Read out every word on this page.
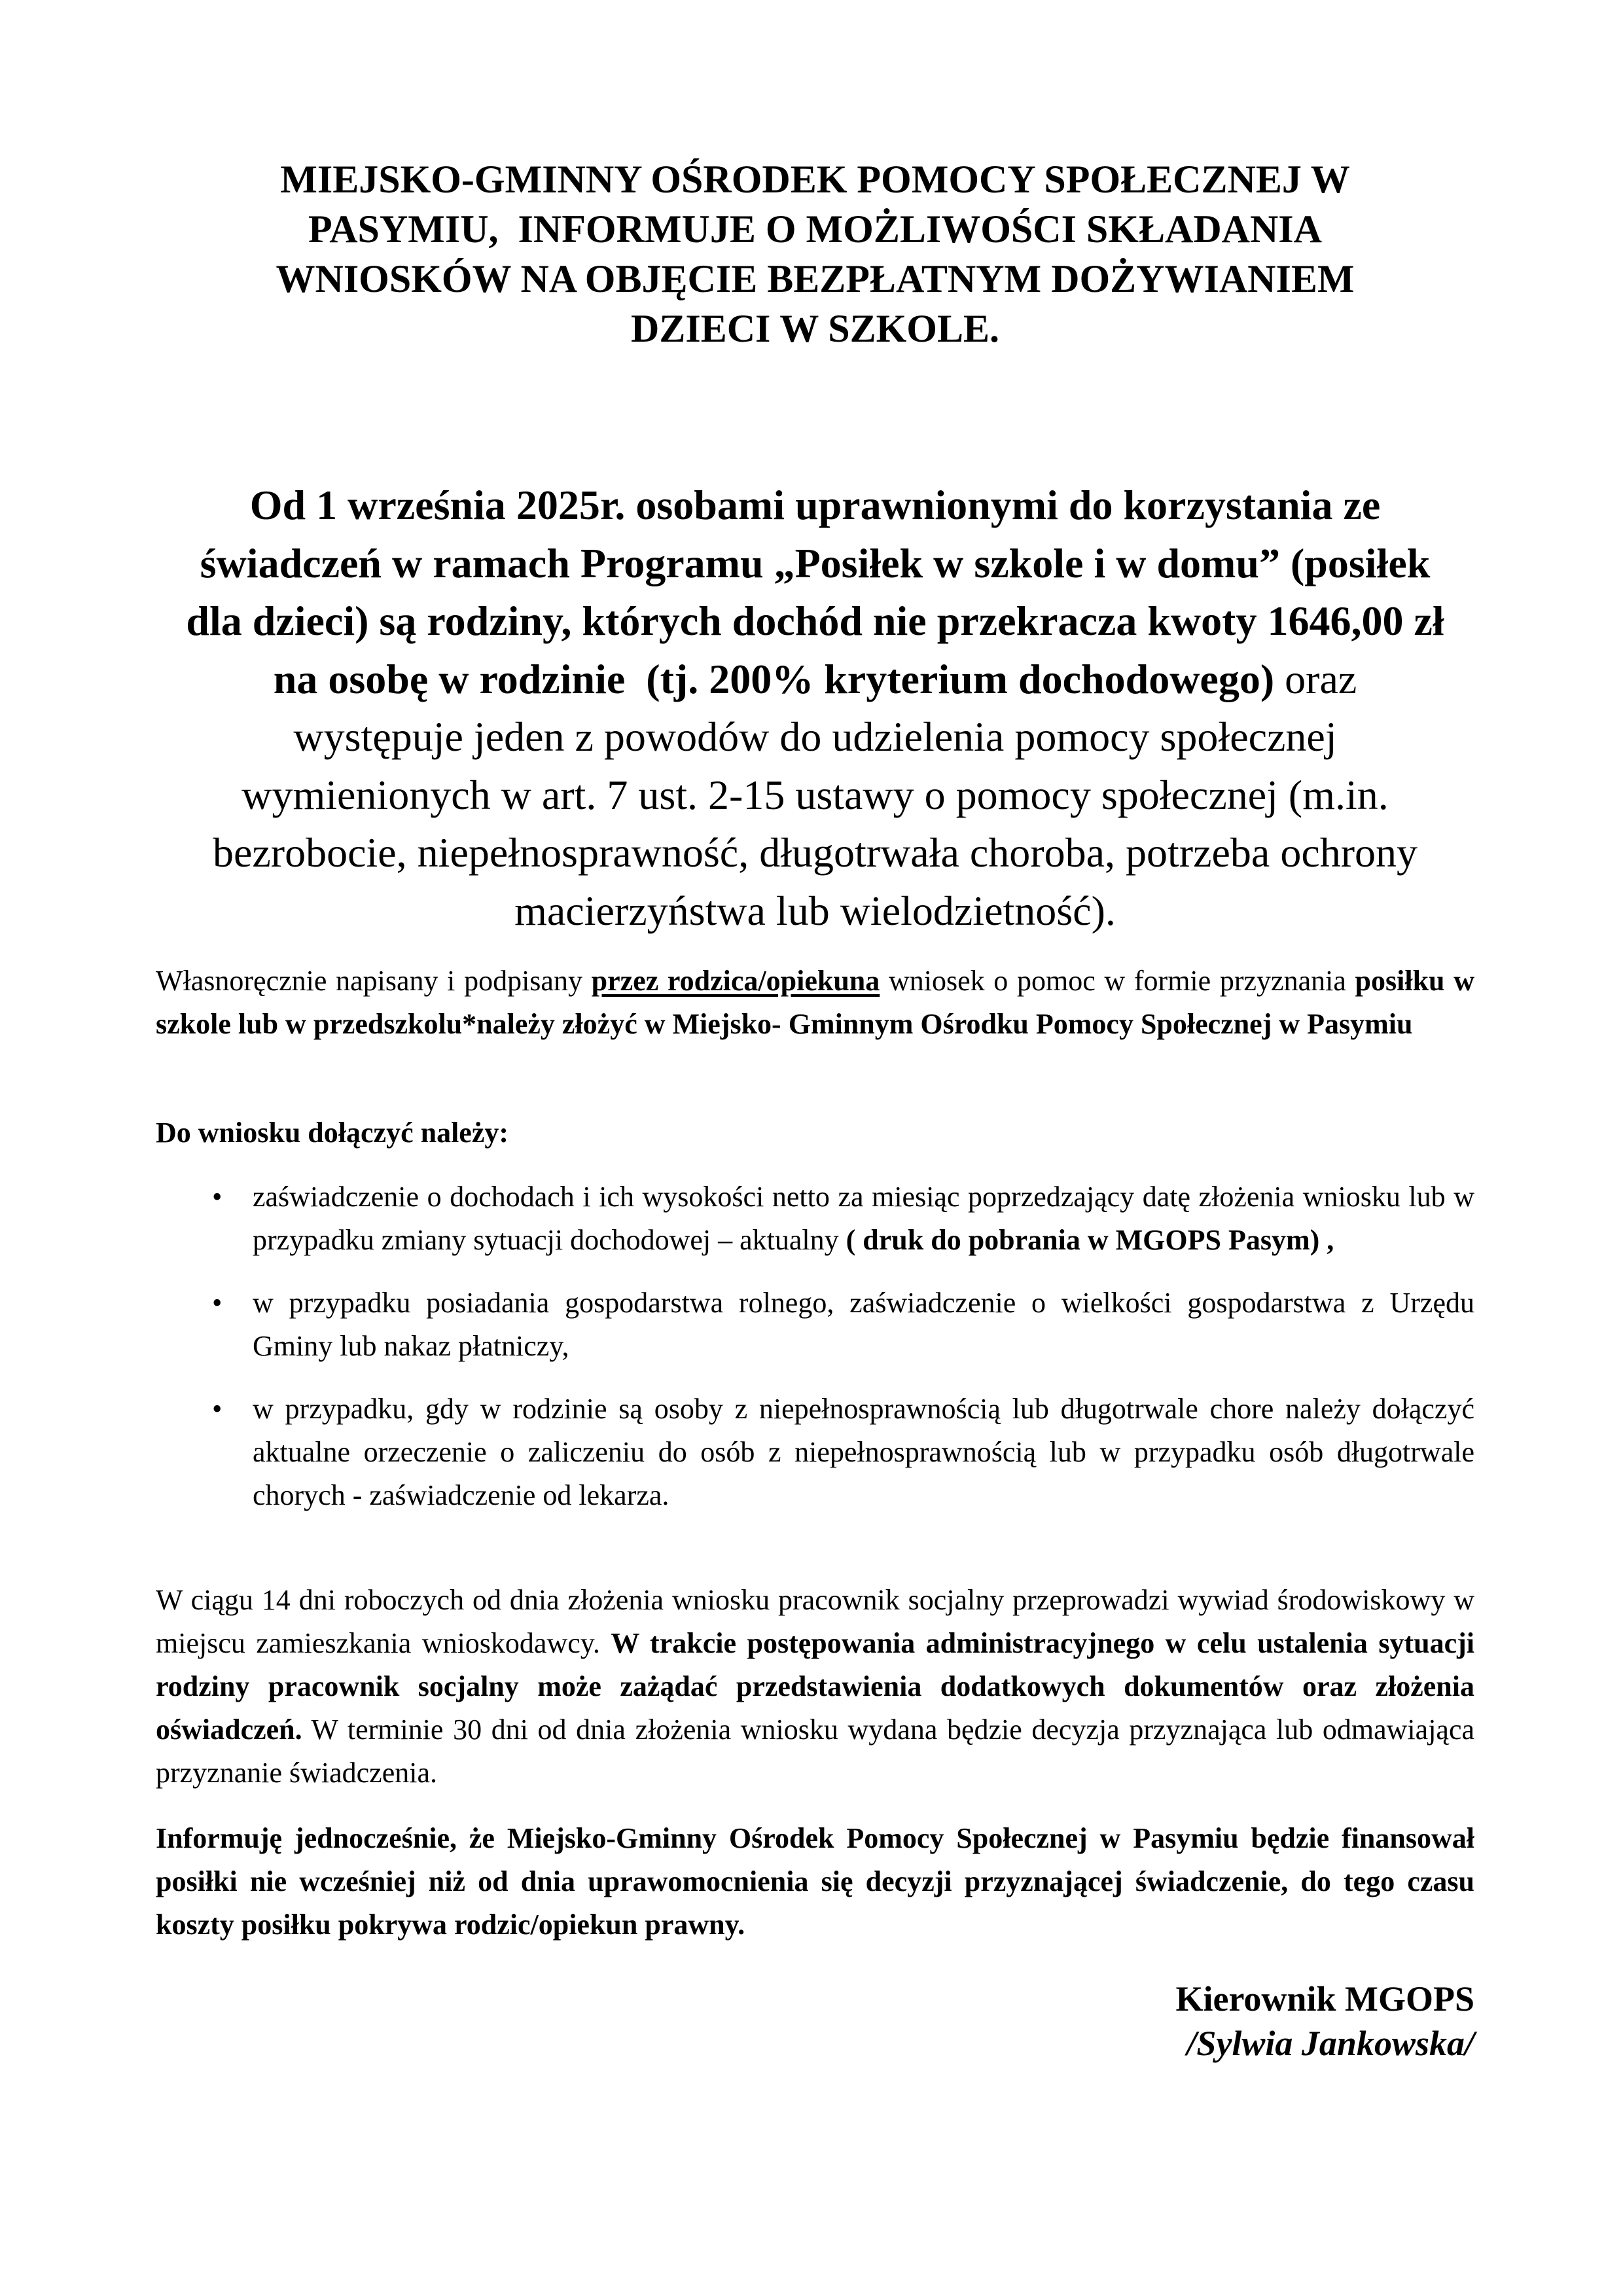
MIEJSKO-GMINNY OŚRODEK POMOCY SPOŁECZNEJ W
PASYMIU,  INFORMUJE O MOŻLIWOŚCI SKŁADANIA
WNIOSKÓW NA OBJĘCIE BEZPŁATNYM DOŻYWIANIEM
DZIECI W SZKOLE.
Od 1 września 2025r. osobami uprawnionymi do korzystania ze
świadczeń w ramach Programu „Posiłek w szkole i w domu” (posiłek
dla dzieci) są rodziny, których dochód nie przekracza kwoty 1646,00 zł
na osobę w rodzinie  (tj. 200% kryterium dochodowego) oraz
występuje jeden z powodów do udzielenia pomocy społecznej
wymienionych w art. 7 ust. 2-15 ustawy o pomocy społecznej (m.in.
bezrobocie, niepełnosprawność, długotrwała choroba, potrzeba ochrony
macierzyństwa lub wielodzietność).
Własnoręcznie napisany i podpisany przez rodzica/opiekuna wniosek o pomoc w formie przyznania posiłku w szkole lub w przedszkolu*należy złożyć w Miejsko- Gminnym Ośrodku Pomocy Społecznej w Pasymiu
Do wniosku dołączyć należy:
• zaświadczenie o dochodach i ich wysokości netto za miesiąc poprzedzający datę złożenia wniosku lub w przypadku zmiany sytuacji dochodowej – aktualny ( druk do pobrania w MGOPS Pasym) ,
• w przypadku posiadania gospodarstwa rolnego, zaświadczenie o wielkości gospodarstwa z Urzędu Gminy lub nakaz płatniczy,
• w przypadku, gdy w rodzinie są osoby z niepełnosprawnością lub długotrwale chore należy dołączyć aktualne orzeczenie o zaliczeniu do osób z niepełnosprawnością lub w przypadku osób długotrwale chorych - zaświadczenie od lekarza.
W ciągu 14 dni roboczych od dnia złożenia wniosku pracownik socjalny przeprowadzi wywiad środowiskowy w miejscu zamieszkania wnioskodawcy. W trakcie postępowania administracyjnego w celu ustalenia sytuacji rodziny pracownik socjalny może zażądać przedstawienia dodatkowych dokumentów oraz złożenia oświadczeń. W terminie 30 dni od dnia złożenia wniosku wydana będzie decyzja przyznająca lub odmawiająca przyznanie świadczenia.
Informuję jednocześnie, że Miejsko-Gminny Ośrodek Pomocy Społecznej w Pasymiu będzie finansował posiłki nie wcześniej niż od dnia uprawomocnienia się decyzji przyznającej świadczenie, do tego czasu koszty posiłku pokrywa rodzic/opiekun prawny.
Kierownik MGOPS
/Sylwia Jankowska/
